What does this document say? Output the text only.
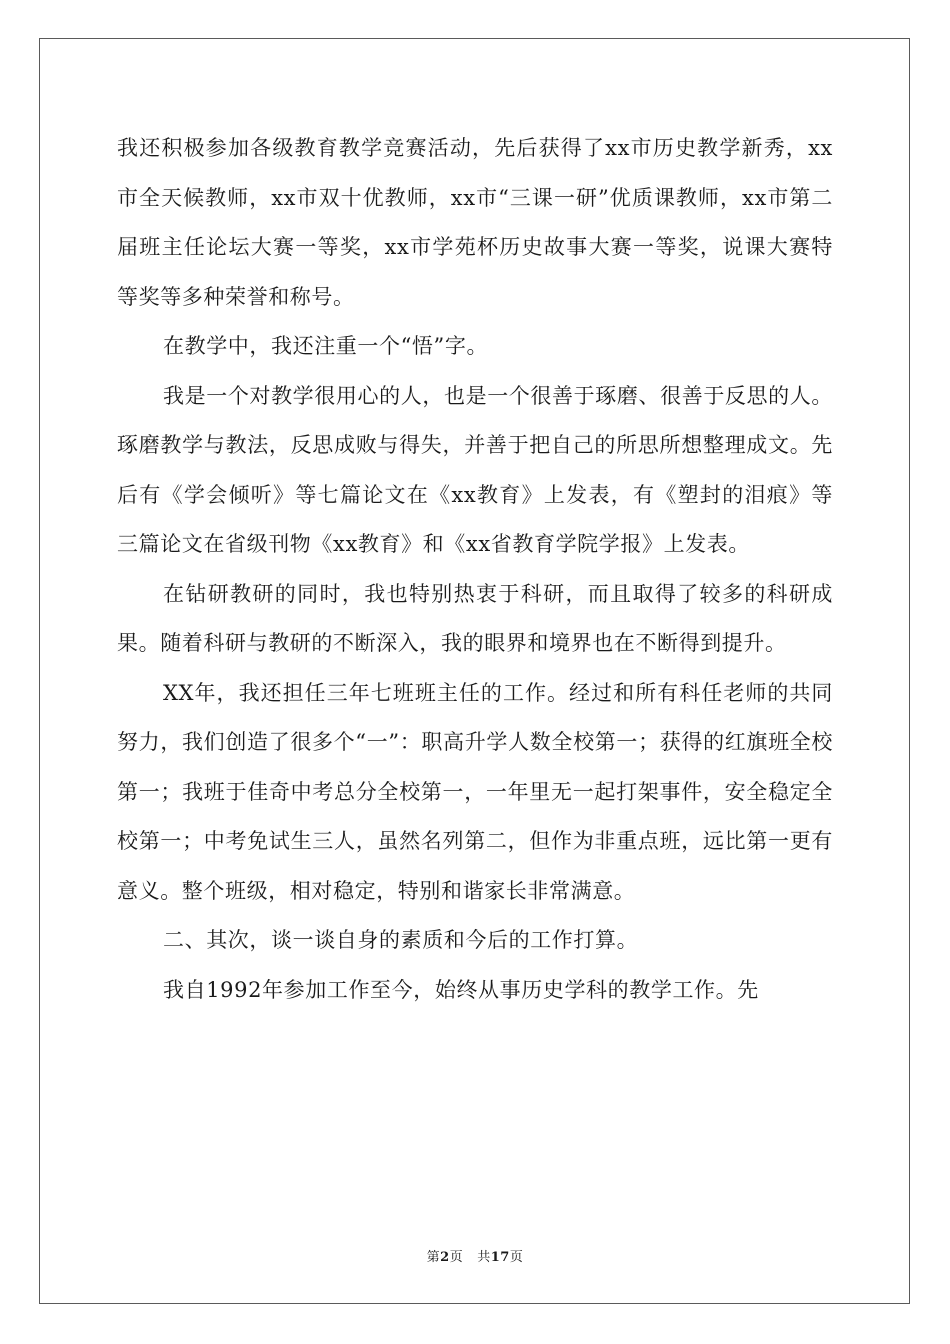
我还积极参加各级教育教学竞赛活动，先后获得了xx市历史教学新秀，xx市全天候教师，xx市双十优教师，xx市“三课一研”优质课教师，xx市第二届班主任论坛大赛一等奖，xx市学苑杯历史故事大赛一等奖，说课大赛特等奖等多种荣誉和称号。

在教学中，我还注重一个“悟”字。

我是一个对教学很用心的人，也是一个很善于琢磨、很善于反思的人。琢磨教学与教法，反思成败与得失，并善于把自己的所思所想整理成文。先后有《学会倾听》等七篇论文在《xx教育》上发表，有《塑封的泪痕》等三篇论文在省级刊物《xx教育》和《xx省教育学院学报》上发表。

在钻研教研的同时，我也特别热衷于科研，而且取得了较多的科研成果。随着科研与教研的不断深入，我的眼界和境界也在不断得到提升。

XX年，我还担任三年七班班主任的工作。经过和所有科任老师的共同努力，我们创造了很多个“一”：职高升学人数全校第一；获得的红旗班全校第一；我班于佳奇中考总分全校第一，一年里无一起打架事件，安全稳定全校第一；中考免试生三人，虽然名列第二，但作为非重点班，远比第一更有意义。整个班级，相对稳定，特别和谐家长非常满意。

二、其次，谈一谈自身的素质和今后的工作打算。

我自1992年参加工作至今，始终从事历史学科的教学工作。先

第2页 共17页
